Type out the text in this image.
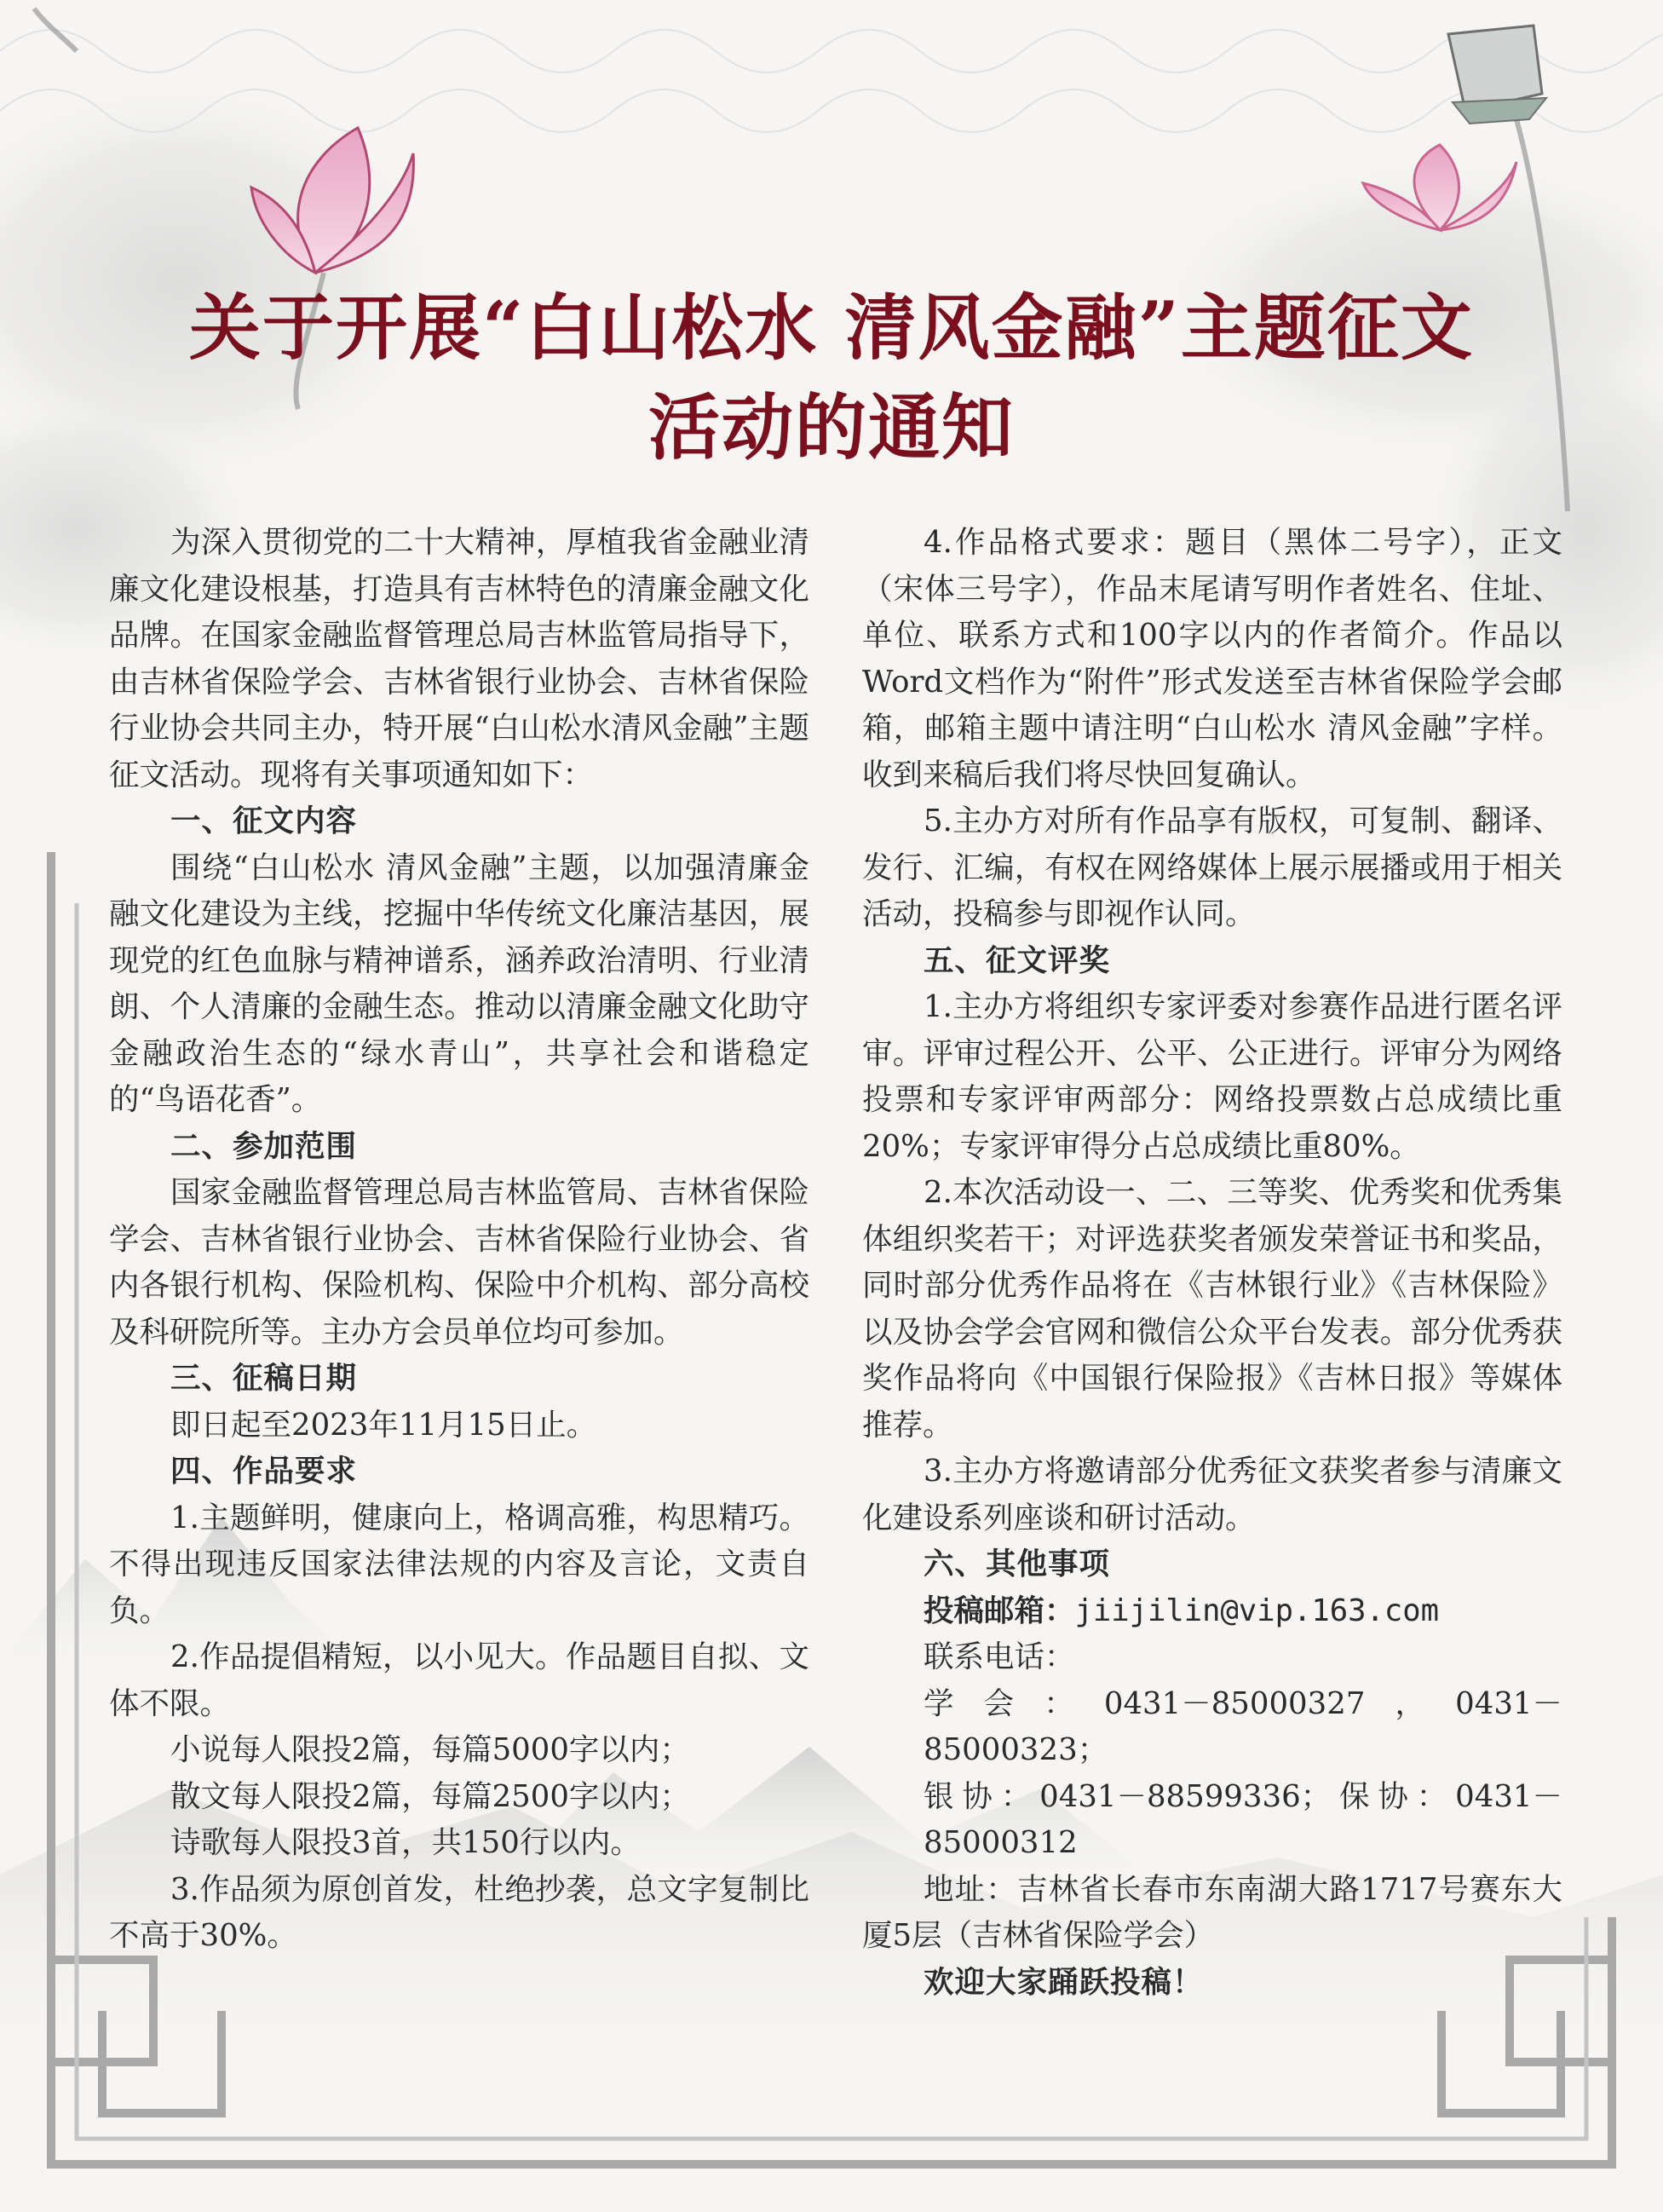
关于开展“白山松水 清风金融”主题征文
活动的通知

为深入贯彻党的二十大精神，厚植我省金融业清廉文化建设根基，打造具有吉林特色的清廉金融文化品牌。在国家金融监督管理总局吉林监管局指导下，由吉林省保险学会、吉林省银行业协会、吉林省保险行业协会共同主办，特开展“白山松水清风金融”主题征文活动。现将有关事项通知如下：

一、征文内容

围绕“白山松水 清风金融”主题，以加强清廉金融文化建设为主线，挖掘中华传统文化廉洁基因，展现党的红色血脉与精神谱系，涵养政治清明、行业清朗、个人清廉的金融生态。推动以清廉金融文化助守金融政治生态的“绿水青山”，共享社会和谐稳定的“鸟语花香”。

二、参加范围

国家金融监督管理总局吉林监管局、吉林省保险学会、吉林省银行业协会、吉林省保险行业协会、省内各银行机构、保险机构、保险中介机构、部分高校及科研院所等。主办方会员单位均可参加。

三、征稿日期

即日起至2023年11月15日止。

四、作品要求

1.主题鲜明，健康向上，格调高雅，构思精巧。不得出现违反国家法律法规的内容及言论，文责自负。

2.作品提倡精短，以小见大。作品题目自拟、文体不限。

小说每人限投2篇，每篇5000字以内；

散文每人限投2篇，每篇2500字以内；

诗歌每人限投3首，共150行以内。

3.作品须为原创首发，杜绝抄袭，总文字复制比不高于30%。

4.作品格式要求：题目（黑体二号字），正文（宋体三号字），作品末尾请写明作者姓名、住址、单位、联系方式和100字以内的作者简介。作品以Word文档作为“附件”形式发送至吉林省保险学会邮箱，邮箱主题中请注明“白山松水 清风金融”字样。收到来稿后我们将尽快回复确认。

5.主办方对所有作品享有版权，可复制、翻译、发行、汇编，有权在网络媒体上展示展播或用于相关活动，投稿参与即视作认同。

五、征文评奖

1.主办方将组织专家评委对参赛作品进行匿名评审。评审过程公开、公平、公正进行。评审分为网络投票和专家评审两部分：网络投票数占总成绩比重20%；专家评审得分占总成绩比重80%。

2.本次活动设一、二、三等奖、优秀奖和优秀集体组织奖若干；对评选获奖者颁发荣誉证书和奖品，同时部分优秀作品将在《吉林银行业》《吉林保险》以及协会学会官网和微信公众平台发表。部分优秀获奖作品将向《中国银行保险报》《吉林日报》等媒体推荐。

3.主办方将邀请部分优秀征文获奖者参与清廉文化建设系列座谈和研讨活动。

六、其他事项

投稿邮箱：jiijilin@vip.163.com

联系电话：

学会：0431－85000327，0431－85000323；

银协：0431－88599336；保协：0431－85000312

地址：吉林省长春市东南湖大路1717号赛东大厦5层（吉林省保险学会）

欢迎大家踊跃投稿！
